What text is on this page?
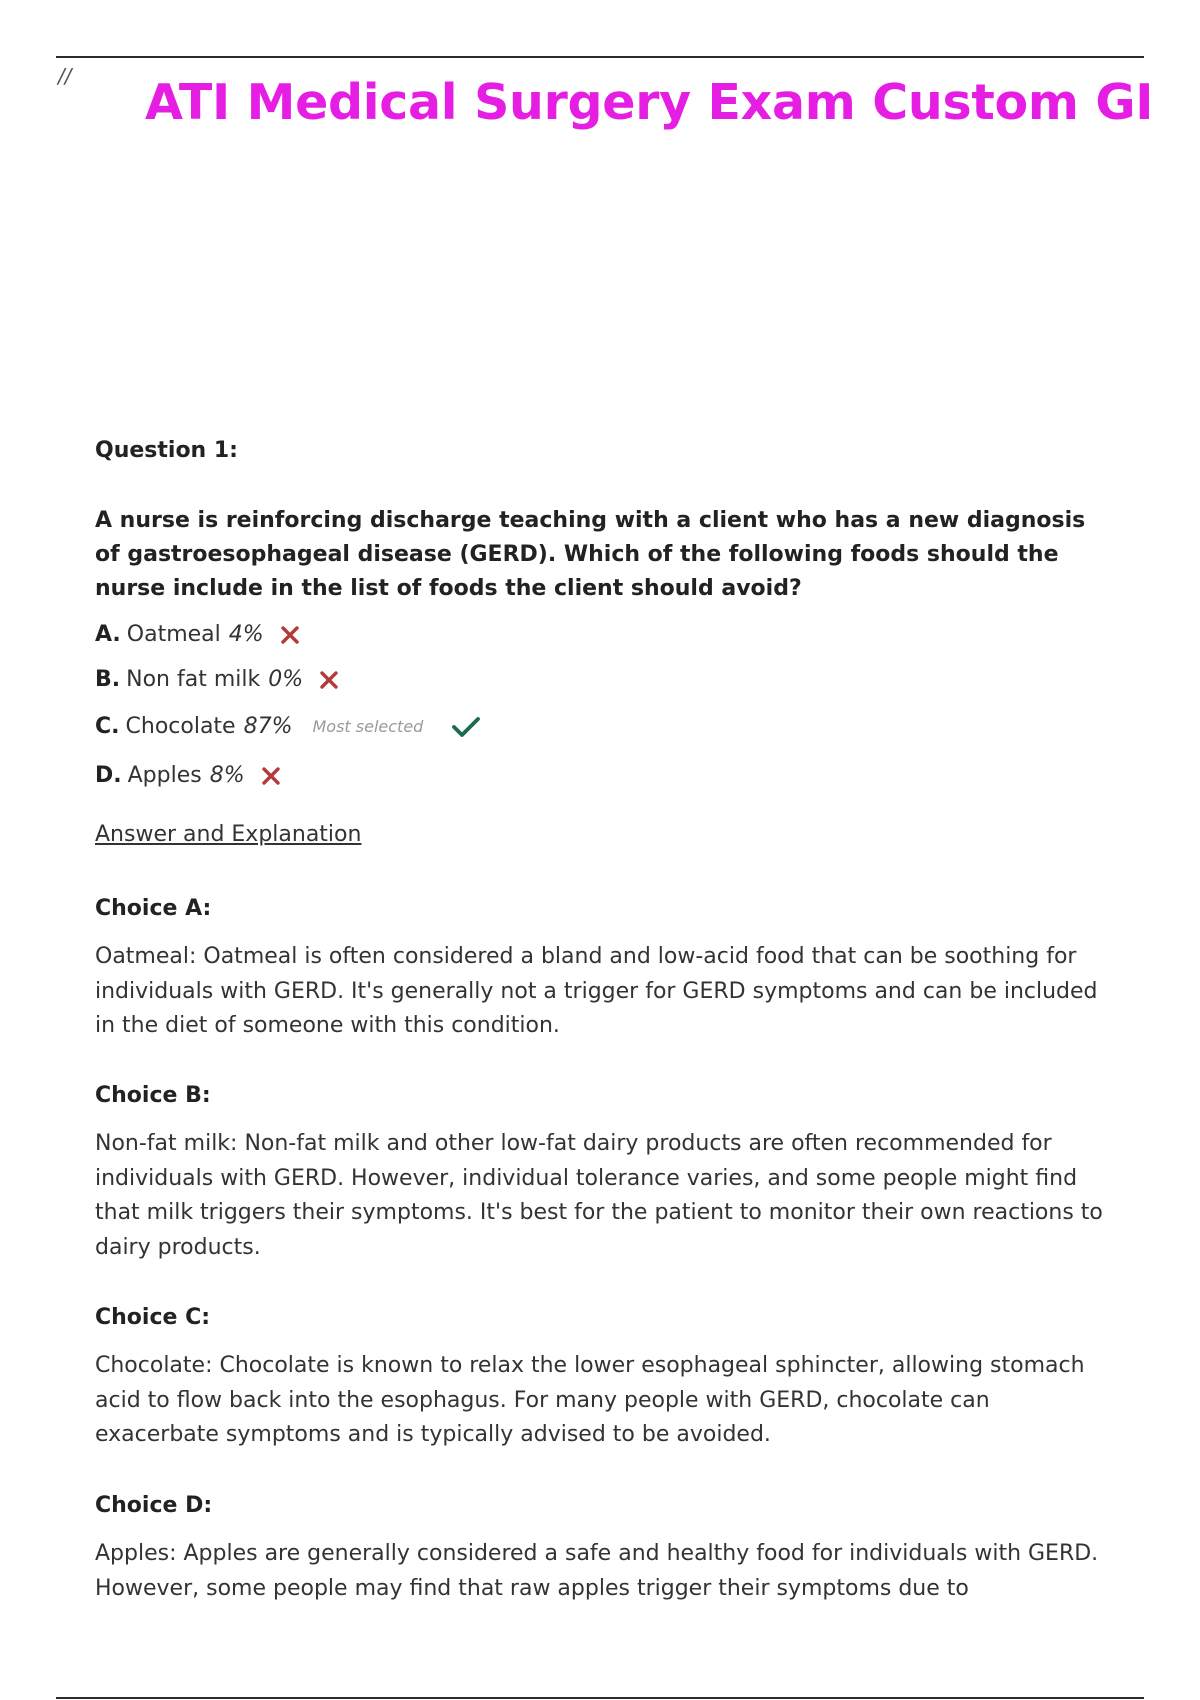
// ATI Medical Surgery Exam Custom GI
Question 1:

A nurse is reinforcing discharge teaching with a client who has a new diagnosis of gastroesophageal disease (GERD). Which of the following foods should the nurse include in the list of foods the client should avoid?

A. Oatmeal 4%
B. Non fat milk 0%
C. Chocolate 87% Most selected
D. Apples 8%
Answer and Explanation
Choice A:

Oatmeal: Oatmeal is often considered a bland and low-acid food that can be soothing for individuals with GERD. It's generally not a trigger for GERD symptoms and can be included in the diet of someone with this condition.

Choice B:

Non-fat milk: Non-fat milk and other low-fat dairy products are often recommended for individuals with GERD. However, individual tolerance varies, and some people might find that milk triggers their symptoms. It's best for the patient to monitor their own reactions to dairy products.

Choice C:

Chocolate: Chocolate is known to relax the lower esophageal sphincter, allowing stomach acid to flow back into the esophagus. For many people with GERD, chocolate can exacerbate symptoms and is typically advised to be avoided.

Choice D:

Apples: Apples are generally considered a safe and healthy food for individuals with GERD. However, some people may find that raw apples trigger their symptoms due to
